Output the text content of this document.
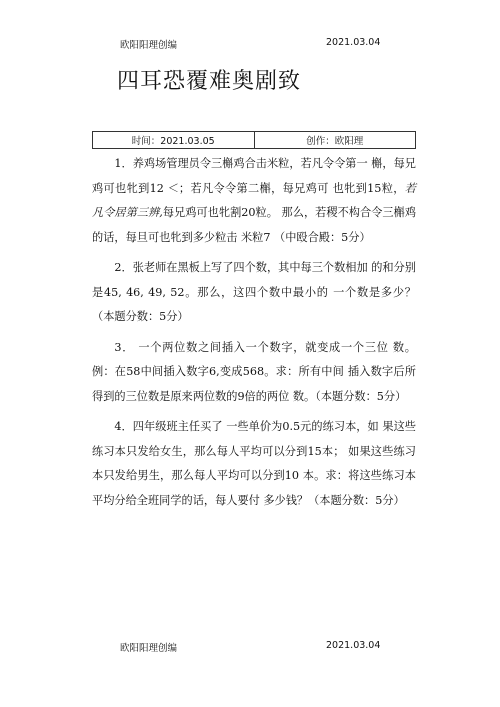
欧阳阳理创编	2021.03.04
四耳恐覆难奥剧致
时间：2021.03.05	创作：欧阳理

1．养鸡场管理员令三槲鸡合击米粒，若凡令令第一 槲，每兄鸡可也牝到12 ＜；若凡令令第二槲，每兄鸡可 也牝到15粒，若凡令居第三辨,每兄鸡可也牝割20粒。 那么，若稷不构合令三槲鸡的话，每旦可也牝到多少粒击 米粒7 （中殴合殿：5分）

2．张老师在黑板上写了四个数，其中每三个数相加 的和分别是45, 46, 49, 52。那么，这四个数中最小的 一个数是多少？（本题分数：5分）

3． 一个两位数之间插入一个数字，就变成一个三位 数。例：在58中间插入数字6,变成568。求：所有中间 插入数字后所得到的三位数是原来两位数的9倍的两位 数。（本题分数：5分）

4．四年级班主任买了 一些单价为0.5元的练习本，如 果这些练习本只发给女生，那么每人平均可以分到15本； 如果这些练习本只发给男生，那么每人平均可以分到10 本。求：将这些练习本平均分给全班同学的话，每人要付 多少钱？（本题分数：5分）

欧阳阳理创编	2021.03.04
